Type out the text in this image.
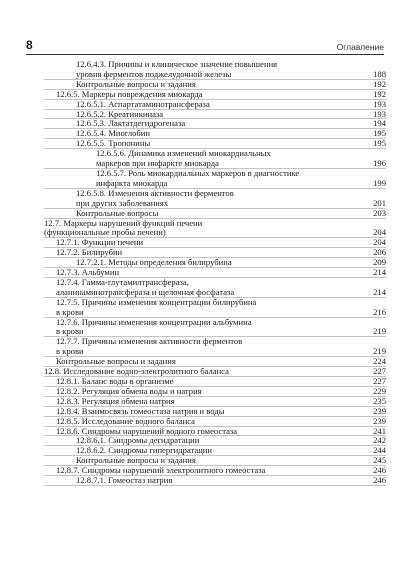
8	Оглавление
12.6.4.3. Причины и клиническое значение повышения
уровня ферментов поджелудочной железы	188
Контрольные вопросы и задания	192
12.6.5. Маркеры повреждения миокарда	192
12.6.5.1. Аспартатаминотрансфераза	193
12.6.5.2. Креатинкиназа	193
12.6.5.3. Лактатдегидрогеназа	194
12.6.5.4. Миоглобин	195
12.6.5.5. Тропонины	195
12.6.5.6. Динамика изменений миокардиальных
маркеров при инфаркте миокарда	196
12.6.5.7. Роль миокардиальных маркеров в диагностике
инфаркта миокарда	199
12.6.5.8. Изменения активности ферментов
при других заболеваниях	201
Контрольные вопросы	203
12.7. Маркеры нарушений функций печени
(функциональные пробы печени)	204
12.7.1. Функции печени	204
12.7.2. Билирубин	206
12.7.2.1. Методы определения билирубина	209
12.7.3. Альбумин	214
12.7.4. Гамма-глутамилтрансфераза,
аланинаминотрансфераза и щелочная фосфатаза	214
12.7.5. Причины изменения концентрации билирубина
в крови	216
12.7.6. Причины изменения концентрации альбумина
в крови	219
12.7.7. Причины изменения активности ферментов
в крови	219
Контрольные вопросы и задания	224
12.8. Исследование водно-электролитного баланса	227
12.8.1. Баланс воды в организме	227
12.8.2. Регуляция обмена воды и натрия	229
12.8.3. Регуляция обмена натрия	235
12.8.4. Взаимосвязь гомеостаза натрия и воды	239
12.8.5. Исследование водного баланса	239
12.8.6. Синдромы нарушений водного гомеостаза	241
12.8.6.1. Синдромы дегидратации	242
12.8.6.2. Синдромы гипергидратации	244
Контрольные вопросы и задания	245
12.8.7. Синдромы нарушений электролитного гомеостаза	246
12.8.7.1. Гомеостаз натрия	246
